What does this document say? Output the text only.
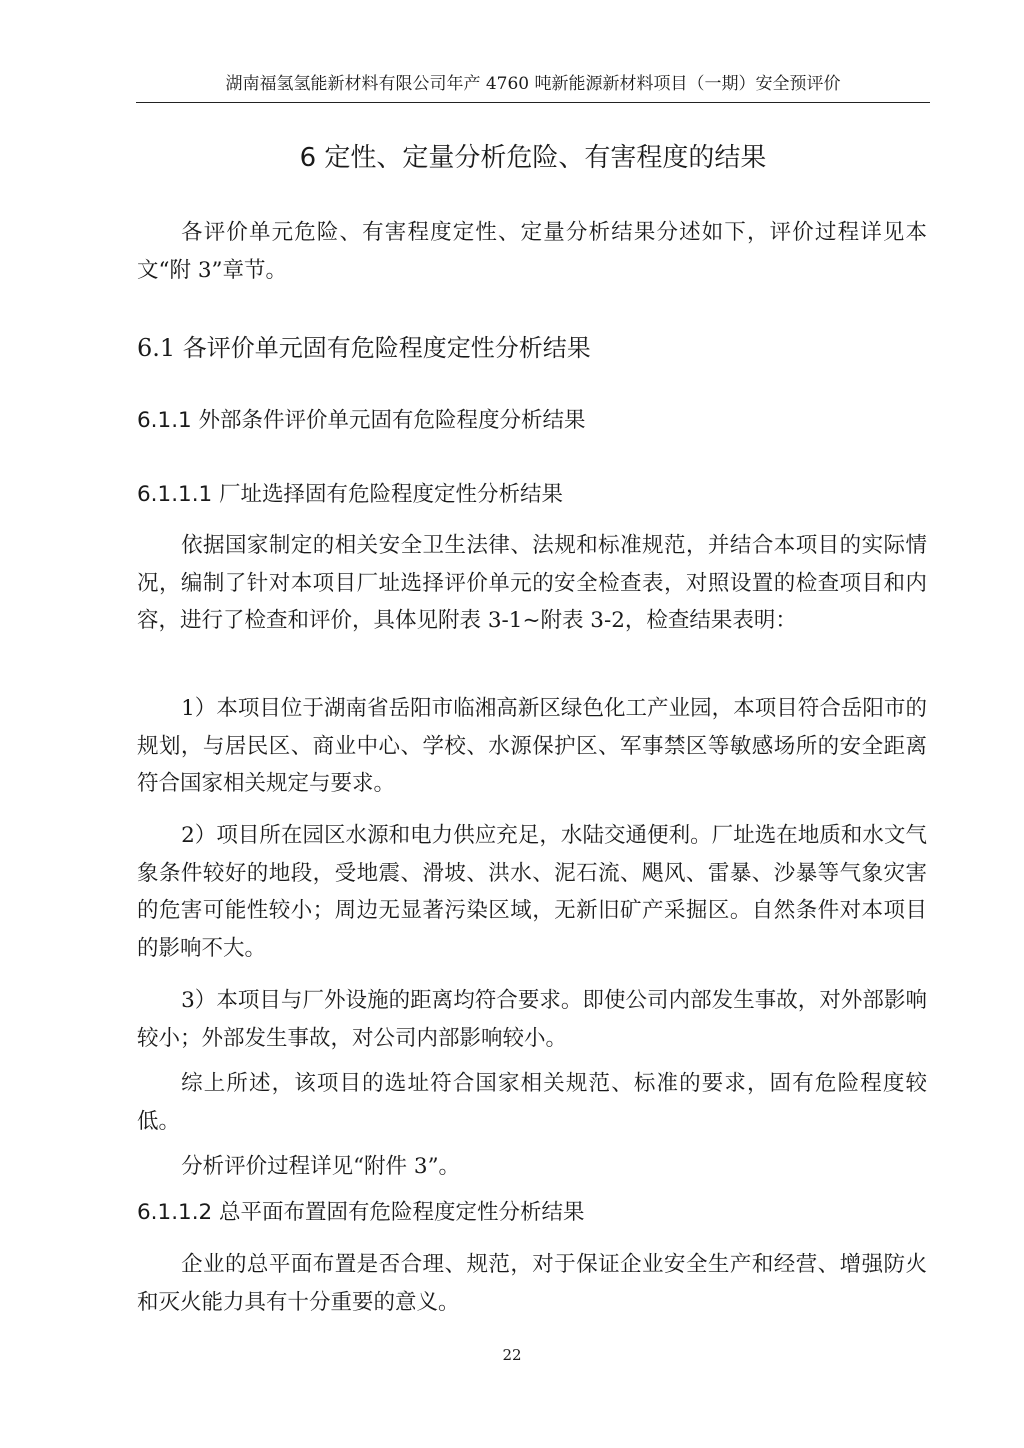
湖南福氢氢能新材料有限公司年产 4760 吨新能源新材料项目（一期）安全预评价
6 定性、定量分析危险、有害程度的结果

各评价单元危险、有害程度定性、定量分析结果分述如下，评价过程详见本文“附 3”章节。

6.1 各评价单元固有危险程度定性分析结果
6.1.1 外部条件评价单元固有危险程度分析结果
6.1.1.1 厂址选择固有危险程度定性分析结果

依据国家制定的相关安全卫生法律、法规和标准规范，并结合本项目的实际情况，编制了针对本项目厂址选择评价单元的安全检查表，对照设置的检查项目和内容，进行了检查和评价，具体见附表 3-1~附表 3-2，检查结果表明：

1）本项目位于湖南省岳阳市临湘高新区绿色化工产业园，本项目符合岳阳市的规划，与居民区、商业中心、学校、水源保护区、军事禁区等敏感场所的安全距离符合国家相关规定与要求。

2）项目所在园区水源和电力供应充足，水陆交通便利。厂址选在地质和水文气象条件较好的地段，受地震、滑坡、洪水、泥石流、飓风、雷暴、沙暴等气象灾害的危害可能性较小；周边无显著污染区域，无新旧矿产采掘区。自然条件对本项目的影响不大。

3）本项目与厂外设施的距离均符合要求。即使公司内部发生事故，对外部影响较小；外部发生事故，对公司内部影响较小。

综上所述，该项目的选址符合国家相关规范、标准的要求，固有危险程度较低。

分析评价过程详见“附件 3”。

6.1.1.2 总平面布置固有危险程度定性分析结果

企业的总平面布置是否合理、规范，对于保证企业安全生产和经营、增强防火和灭火能力具有十分重要的意义。

22
